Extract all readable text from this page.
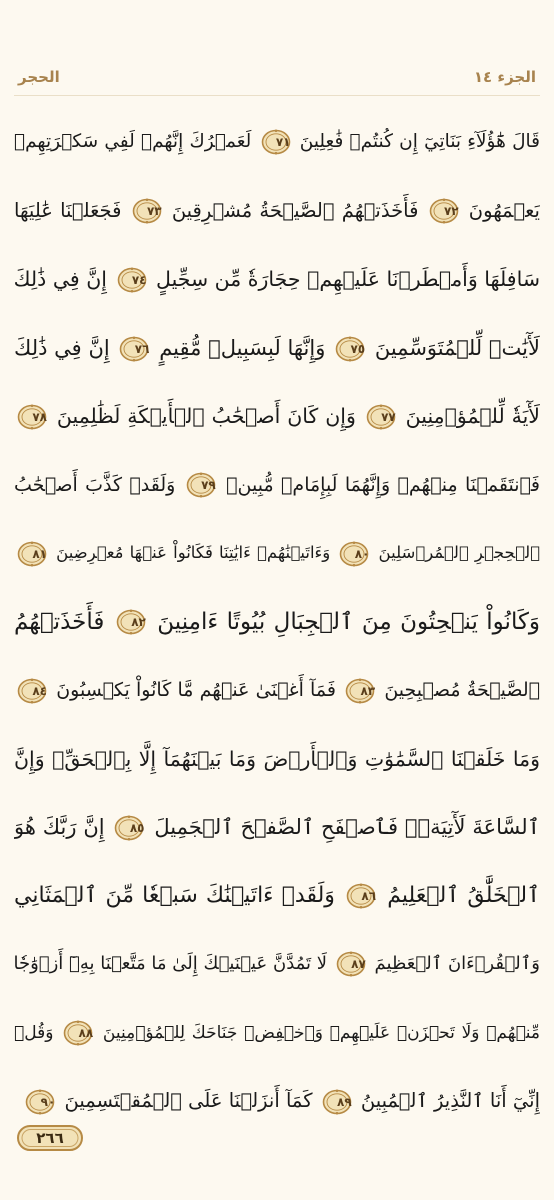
الجزء ١٤
الحجر
قَالَ هَٰٓؤُلَآءِ بَنَاتِيٓ إِن كُنتُمۡ فَٰعِلِينَ
٧١
لَعَمۡرُكَ إِنَّهُمۡ لَفِي سَكۡرَتِهِمۡ
يَعۡمَهُونَ
٧٢
فَأَخَذَتۡهُمُ ٱلصَّيۡحَةُ مُشۡرِقِينَ
٧٣
فَجَعَلۡنَا عَٰلِيَهَا
سَافِلَهَا وَأَمۡطَرۡنَا عَلَيۡهِمۡ حِجَارَةٗ مِّن سِجِّيلٍ
٧٤
إِنَّ فِي ذَٰلِكَ
لَأٓيَٰتٖ لِّلۡمُتَوَسِّمِينَ
٧٥
وَإِنَّهَا لَبِسَبِيلٖ مُّقِيمٍ
٧٦
إِنَّ فِي ذَٰلِكَ
لَأٓيَةٗ لِّلۡمُؤۡمِنِينَ
٧٧
وَإِن كَانَ أَصۡحَٰبُ ٱلۡأَيۡكَةِ لَظَٰلِمِينَ
٧٨
فَٱنتَقَمۡنَا مِنۡهُمۡ وَإِنَّهُمَا لَبِإِمَامٖ مُّبِينٖ
٧٩
وَلَقَدۡ كَذَّبَ أَصۡحَٰبُ
ٱلۡحِجۡرِ ٱلۡمُرۡسَلِينَ
٨٠
وَءَاتَيۡنَٰهُمۡ ءَايَٰتِنَا فَكَانُواْ عَنۡهَا مُعۡرِضِينَ
٨١
وَكَانُواْ يَنۡحِتُونَ مِنَ ٱلۡجِبَالِ بُيُوتًا ءَامِنِينَ
٨٢
فَأَخَذَتۡهُمُ
ٱلصَّيۡحَةُ مُصۡبِحِينَ
٨٣
فَمَآ أَغۡنَىٰ عَنۡهُم مَّا كَانُواْ يَكۡسِبُونَ
٨٤
وَمَا خَلَقۡنَا ٱلسَّمَٰوَٰتِ وَٱلۡأَرۡضَ وَمَا بَيۡنَهُمَآ إِلَّا بِٱلۡحَقِّۗ وَإِنَّ
ٱلسَّاعَةَ لَأٓتِيَةٞۖ فَٱصۡفَحِ ٱلصَّفۡحَ ٱلۡجَمِيلَ
٨٥
إِنَّ رَبَّكَ هُوَ
ٱلۡخَلَّٰقُ ٱلۡعَلِيمُ
٨٦
وَلَقَدۡ ءَاتَيۡنَٰكَ سَبۡعٗا مِّنَ ٱلۡمَثَانِي
وَٱلۡقُرۡءَانَ ٱلۡعَظِيمَ
٨٧
لَا تَمُدَّنَّ عَيۡنَيۡكَ إِلَىٰ مَا مَتَّعۡنَا بِهِۦٓ أَزۡوَٰجٗا
مِّنۡهُمۡ وَلَا تَحۡزَنۡ عَلَيۡهِمۡ وَٱخۡفِضۡ جَنَاحَكَ لِلۡمُؤۡمِنِينَ
٨٨
وَقُلۡ
إِنِّيٓ أَنَا ٱلنَّذِيرُ ٱلۡمُبِينُ
٨٩
كَمَآ أَنزَلۡنَا عَلَى ٱلۡمُقۡتَسِمِينَ
٩٠
٢٦٦
